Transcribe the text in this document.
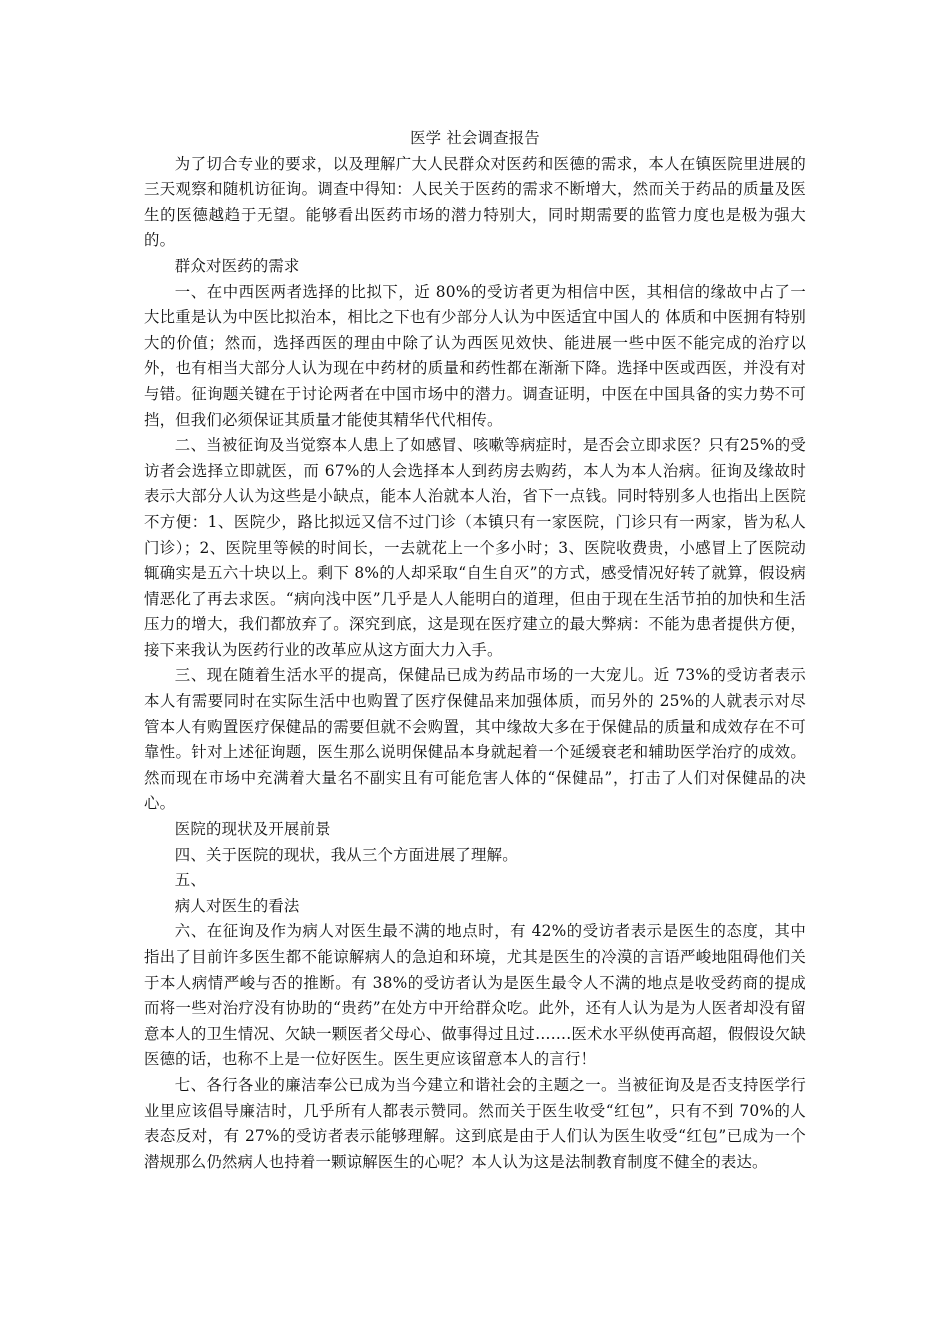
医学 社会调查报告

为了切合专业的要求，以及理解广大人民群众对医药和医德的需求，本人在镇医院里进展的三天观察和随机访征询。调查中得知：人民关于医药的需求不断增大，然而关于药品的质量及医生的医德越趋于无望。能够看出医药市场的潜力特别大，同时期需要的监管力度也是极为强大的。

群众对医药的需求

一、在中西医两者选择的比拟下，近 80%的受访者更为相信中医，其相信的缘故中占了一大比重是认为中医比拟治本，相比之下也有少部分人认为中医适宜中国人的 体质和中医拥有特别大的价值；然而，选择西医的理由中除了认为西医见效快、能进展一些中医不能完成的治疗以外，也有相当大部分人认为现在中药材的质量和药性都在渐渐下降。选择中医或西医，并没有对与错。征询题关键在于讨论两者在中国市场中的潜力。调查证明，中医在中国具备的实力势不可挡，但我们必须保证其质量才能使其精华代代相传。

二、当被征询及当觉察本人患上了如感冒、咳嗽等病症时，是否会立即求医？只有25%的受访者会选择立即就医，而 67%的人会选择本人到药房去购药，本人为本人治病。征询及缘故时表示大部分人认为这些是小缺点，能本人治就本人治，省下一点钱。同时特别多人也指出上医院不方便：1、医院少，路比拟远又信不过门诊（本镇只有一家医院，门诊只有一两家，皆为私人门诊）；2、医院里等候的时间长，一去就花上一个多小时；3、医院收费贵，小感冒上了医院动辄确实是五六十块以上。剩下 8%的人却采取“自生自灭”的方式，感受情况好转了就算，假设病情恶化了再去求医。“病向浅中医”几乎是人人能明白的道理，但由于现在生活节拍的加快和生活压力的增大，我们都放弃了。深究到底，这是现在医疗建立的最大弊病：不能为患者提供方便，接下来我认为医药行业的改革应从这方面大力入手。

三、现在随着生活水平的提高，保健品已成为药品市场的一大宠儿。近 73%的受访者表示本人有需要同时在实际生活中也购置了医疗保健品来加强体质，而另外的 25%的人就表示对尽管本人有购置医疗保健品的需要但就不会购置，其中缘故大多在于保健品的质量和成效存在不可靠性。针对上述征询题，医生那么说明保健品本身就起着一个延缓衰老和辅助医学治疗的成效。然而现在市场中充满着大量名不副实且有可能危害人体的“保健品”，打击了人们对保健品的决心。

医院的现状及开展前景

四、关于医院的现状，我从三个方面进展了理解。

五、

病人对医生的看法

六、在征询及作为病人对医生最不满的地点时，有 42%的受访者表示是医生的态度，其中指出了目前许多医生都不能谅解病人的急迫和环境，尤其是医生的冷漠的言语严峻地阻碍他们关于本人病情严峻与否的推断。有 38%的受访者认为是医生最令人不满的地点是收受药商的提成而将一些对治疗没有协助的“贵药”在处方中开给群众吃。此外，还有人认为是为人医者却没有留意本人的卫生情况、欠缺一颗医者父母心、做事得过且过…….医术水平纵使再高超，假假设欠缺医德的话，也称不上是一位好医生。医生更应该留意本人的言行！

七、各行各业的廉洁奉公已成为当今建立和谐社会的主题之一。当被征询及是否支持医学行业里应该倡导廉洁时，几乎所有人都表示赞同。然而关于医生收受“红包”，只有不到 70%的人表态反对，有 27%的受访者表示能够理解。这到底是由于人们认为医生收受“红包”已成为一个潜规那么仍然病人也持着一颗谅解医生的心呢？本人认为这是法制教育制度不健全的表达。
